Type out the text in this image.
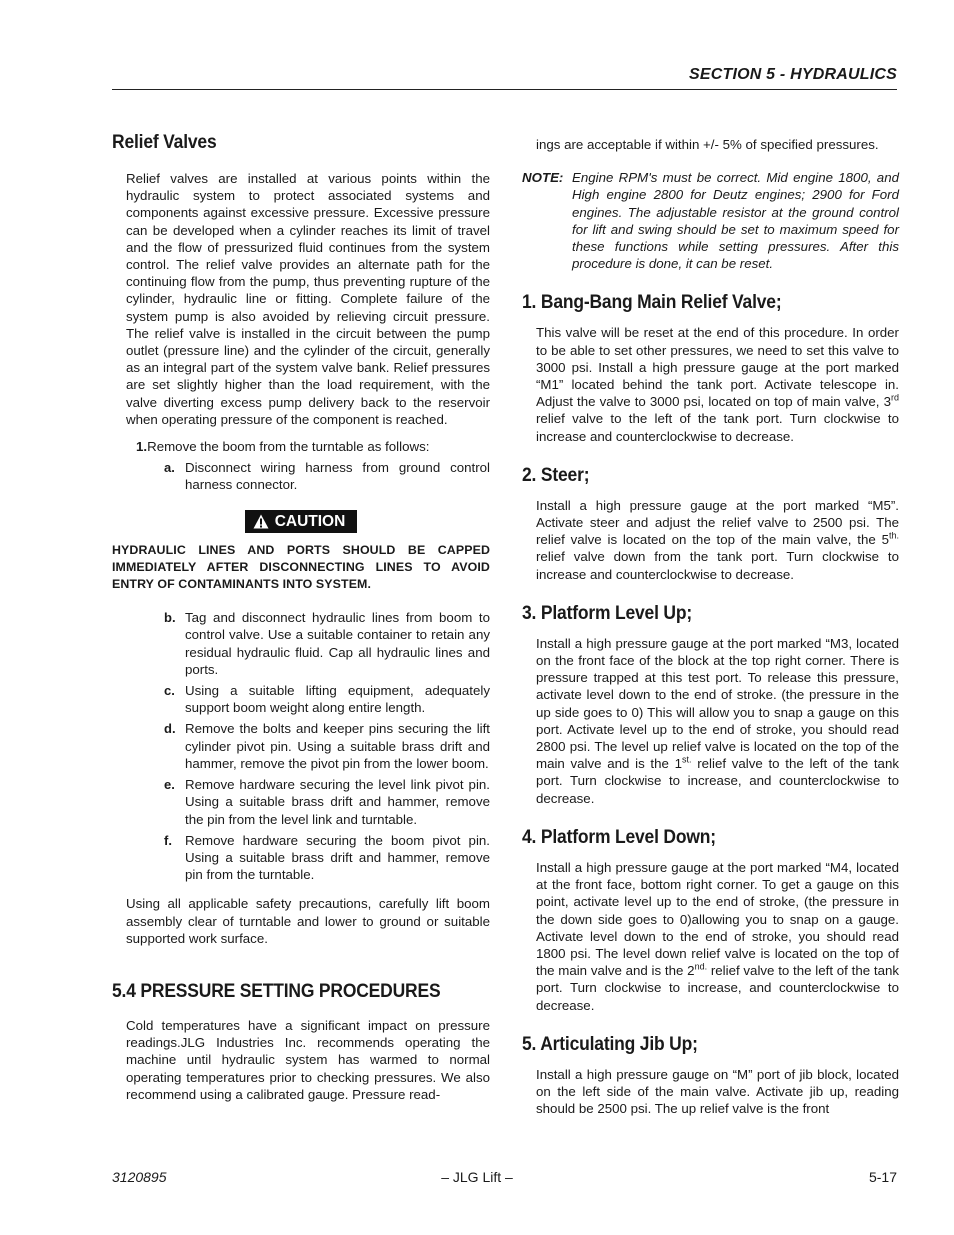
SECTION 5 - HYDRAULICS
Relief Valves

Relief valves are installed at various points within the hydraulic system to protect associated systems and components against excessive pressure. Excessive pressure can be developed when a cylinder reaches its limit of travel and the flow of pressurized fluid continues from the system control. The relief valve provides an alternate path for the continuing flow from the pump, thus preventing rupture of the cylinder, hydraulic line or fitting. Complete failure of the system pump is also avoided by relieving circuit pressure. The relief valve is installed in the circuit between the pump outlet (pressure line) and the cylinder of the circuit, generally as an integral part of the system valve bank. Relief pressures are set slightly higher than the load requirement, with the valve diverting excess pump delivery back to the reservoir when operating pressure of the component is reached.

1.Remove the boom from the turntable as follows:
a. Disconnect wiring harness from ground control harness connector.
CAUTION

HYDRAULIC LINES AND PORTS SHOULD BE CAPPED IMMEDIATELY AFTER DISCONNECTING LINES TO AVOID ENTRY OF CONTAMINANTS INTO SYSTEM.

b. Tag and disconnect hydraulic lines from boom to control valve. Use a suitable container to retain any residual hydraulic fluid. Cap all hydraulic lines and ports.
c. Using a suitable lifting equipment, adequately support boom weight along entire length.
d. Remove the bolts and keeper pins securing the lift cylinder pivot pin. Using a suitable brass drift and hammer, remove the pivot pin from the lower boom.
e. Remove hardware securing the level link pivot pin. Using a suitable brass drift and hammer, remove the pin from the level link and turntable.
f. Remove hardware securing the boom pivot pin. Using a suitable brass drift and hammer, remove pin from the turntable.

Using all applicable safety precautions, carefully lift boom assembly clear of turntable and lower to ground or suitable supported work surface.

5.4 PRESSURE SETTING PROCEDURES

Cold temperatures have a significant impact on pressure readings.JLG Industries Inc. recommends operating the machine until hydraulic system has warmed to normal operating temperatures prior to checking pressures. We also recommend using a calibrated gauge. Pressure read-

ings are acceptable if within +/- 5% of specified pressures.

NOTE: Engine RPM's must be correct. Mid engine 1800, and High engine 2800 for Deutz engines; 2900 for Ford engines. The adjustable resistor at the ground control for lift and swing should be set to maximum speed for these functions while setting pressures. After this procedure is done, it can be reset.
1. Bang-Bang Main Relief Valve;

This valve will be reset at the end of this procedure. In order to be able to set other pressures, we need to set this valve to 3000 psi. Install a high pressure gauge at the port marked “M1” located behind the tank port. Activate telescope in. Adjust the valve to 3000 psi, located on top of main valve, 3rd relief valve to the left of the tank port. Turn clockwise to increase and counterclockwise to decrease.

2. Steer;

Install a high pressure gauge at the port marked “M5”. Activate steer and adjust the relief valve to 2500 psi. The relief valve is located on the top of the main valve, the $5^{th.}$ relief valve down from the tank port. Turn clockwise to increase and counterclockwise to decrease.

3. Platform Level Up;

Install a high pressure gauge at the port marked “M3, located on the front face of the block at the top right corner. There is pressure trapped at this test port. To release this pressure, activate level down to the end of stroke. (the pressure in the up side goes to 0) This will allow you to snap a gauge on this port. Activate level up to the end of stroke, you should read 2800 psi. The level up relief valve is located on the top of the main valve and is the $1^{st.}$ relief valve to the left of the tank port. Turn clockwise to increase, and counterclockwise to decrease.

4. Platform Level Down;

Install a high pressure gauge at the port marked “M4, located at the front face, bottom right corner. To get a gauge on this point, activate level up to the end of stroke, (the pressure in the down side goes to 0)allowing you to snap on a gauge. Activate level down to the end of stroke, you should read 1800 psi. The level down relief valve is located on the top of the main valve and is the $2^{nd.}$ relief valve to the left of the tank port. Turn clockwise to increase, and counterclockwise to decrease.

5. Articulating Jib Up;

Install a high pressure gauge on “M” port of jib block, located on the left side of the main valve. Activate jib up, reading should be 2500 psi. The up relief valve is the front

3120895	– JLG Lift –	5-17
